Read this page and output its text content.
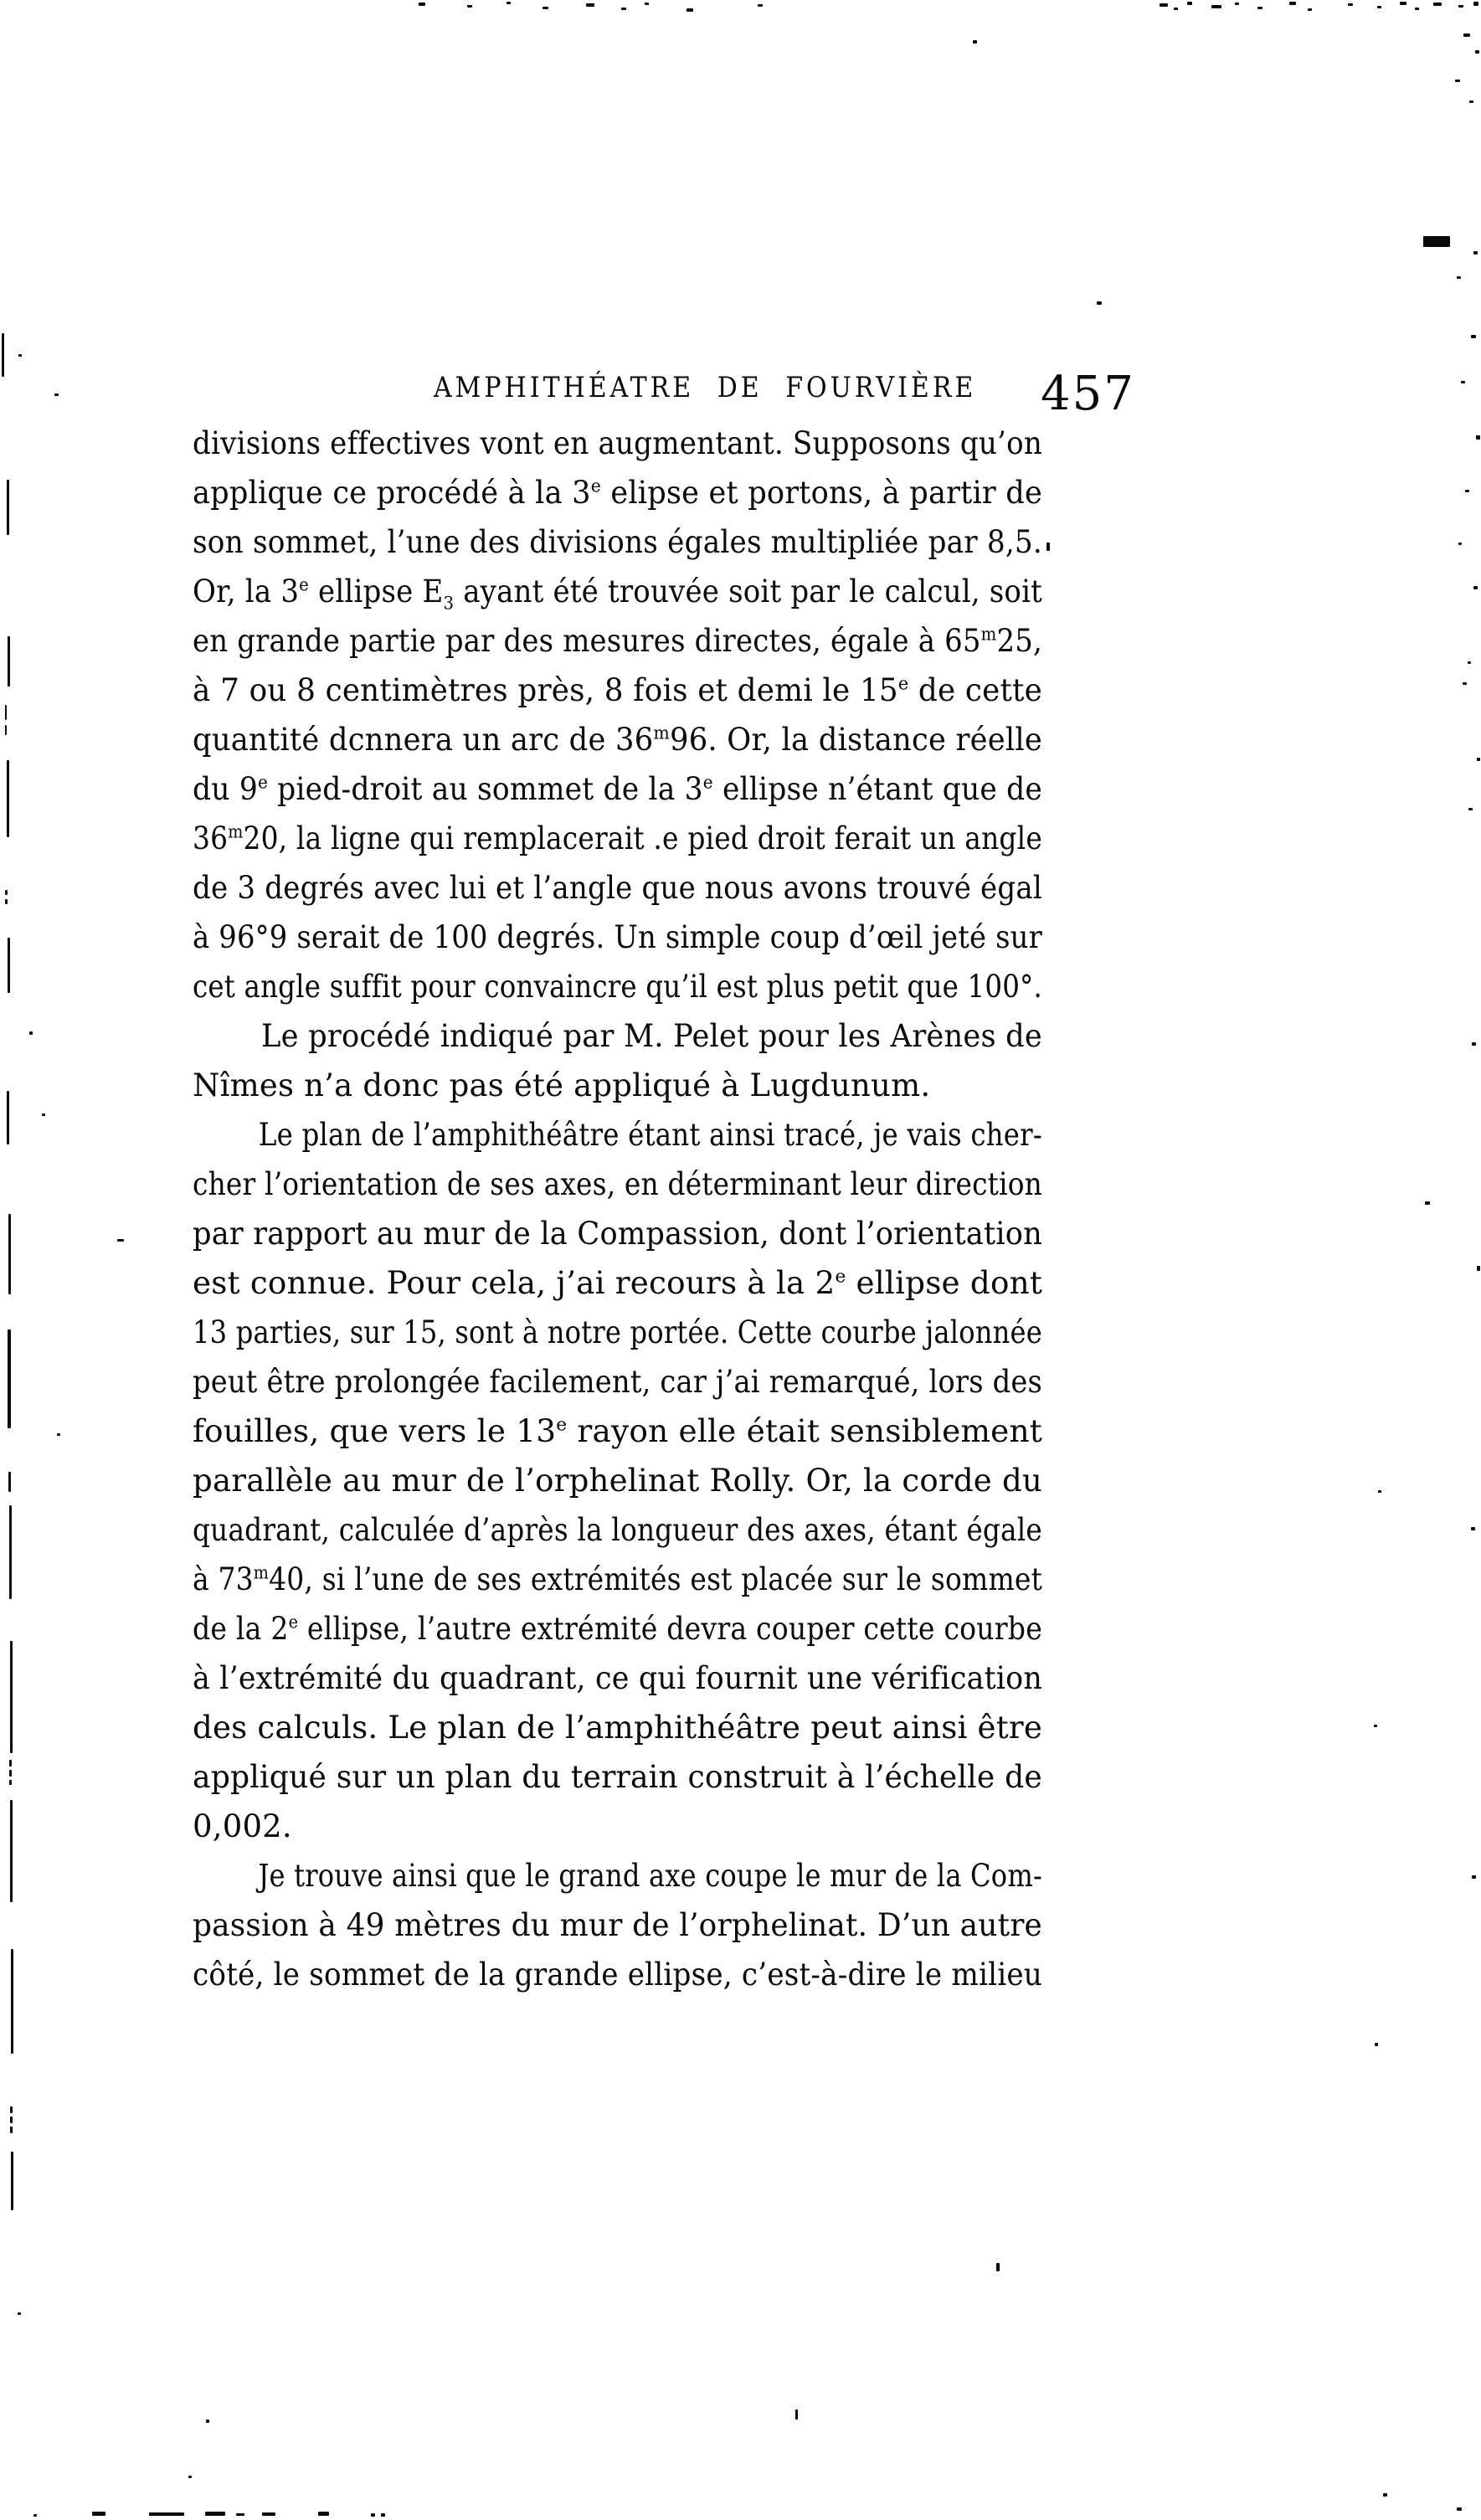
AMPHITHÉATRE DE FOURVIÈRE 457
divisions effectives vont en augmentant. Supposons qu’on
applique ce procédé à la 3e elipse et portons, à partir de
son sommet, l’une des divisions égales multipliée par 8,5.
Or, la 3e ellipse $E_3$ ayant été trouvée soit par le calcul, soit
en grande partie par des mesures directes, égale à 65$^m$25,
à 7 ou 8 centimètres près, 8 fois et demi le 15e de cette
quantité dcnnera un arc de 36$^m$96. Or, la distance réelle
du 9e pied-droit au sommet de la 3e ellipse n’étant que de
36$^m$20, la ligne qui remplacerait .e pied droit ferait un angle
de 3 degrés avec lui et l’angle que nous avons trouvé égal
à 96°9 serait de 100 degrés. Un simple coup d’œil jeté sur
cet angle suffit pour convaincre qu’il est plus petit que 100°.
Le procédé indiqué par M. Pelet pour les Arènes de
Nîmes n’a donc pas été appliqué à Lugdunum.
Le plan de l’amphithéâtre étant ainsi tracé, je vais cher-
cher l’orientation de ses axes, en déterminant leur direction
par rapport au mur de la Compassion, dont l’orientation
est connue. Pour cela, j’ai recours à la 2e ellipse dont
13 parties, sur 15, sont à notre portée. Cette courbe jalonnée
peut être prolongée facilement, car j’ai remarqué, lors des
fouilles, que vers le 13e rayon elle était sensiblement
parallèle au mur de l’orphelinat Rolly. Or, la corde du
quadrant, calculée d’après la longueur des axes, étant égale
à 73$^m$40, si l’une de ses extrémités est placée sur le sommet
de la 2e ellipse, l’autre extrémité devra couper cette courbe
à l’extrémité du quadrant, ce qui fournit une vérification
des calculs. Le plan de l’amphithéâtre peut ainsi être
appliqué sur un plan du terrain construit à l’échelle de
0,002.
Je trouve ainsi que le grand axe coupe le mur de la Com-
passion à 49 mètres du mur de l’orphelinat. D’un autre
côté, le sommet de la grande ellipse, c’est-à-dire le milieu
